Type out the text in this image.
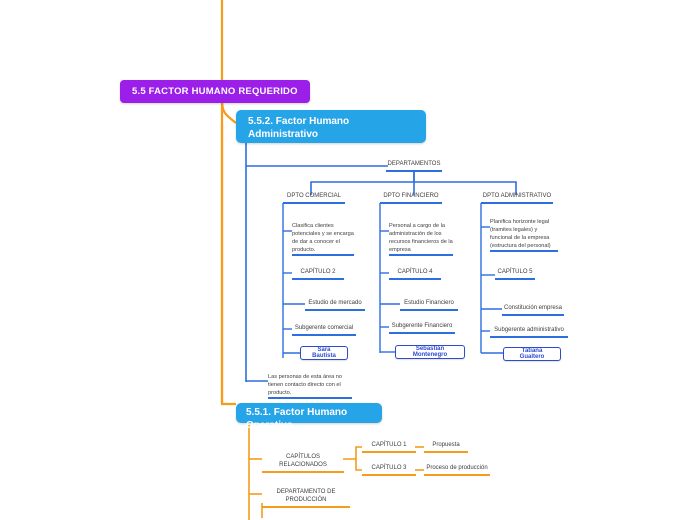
5.5 FACTOR HUMANO REQUERIDO
5.5.2. Factor Humano Administrativo
DEPARTAMENTOS
DPTO COMERCIAL
Clasifica clientes potenciales y se encarga de dar a conocer el producto.
CAPÍTULO 2
Estudio de mercado
Subgerente comercial
Sara Bautista
DPTO FINANCIERO
Personal a cargo de la administración de los recursos financieros de la empresa
CAPÍTULO 4
Estudio Financiero
Subgerente Financiero
Sebastián Montenegro
DPTO ADMINISTRATIVO
Planifica horizonte legal (tramites legales) y funcional de la empresa (estructura del personal)
CAPÍTULO 5
Constitución empresa
Subgerente administrativo
Tatiana Gualtero
Las personas de esta área no tienen contacto directo con el producto.
5.5.1. Factor Humano Operativo
CAPÍTULOS RELACIONADOS
CAPÍTULO 1	Propuesta
CAPÍTULO 3	Proceso de producción
DEPARTAMENTO DE PRODUCCIÓN
